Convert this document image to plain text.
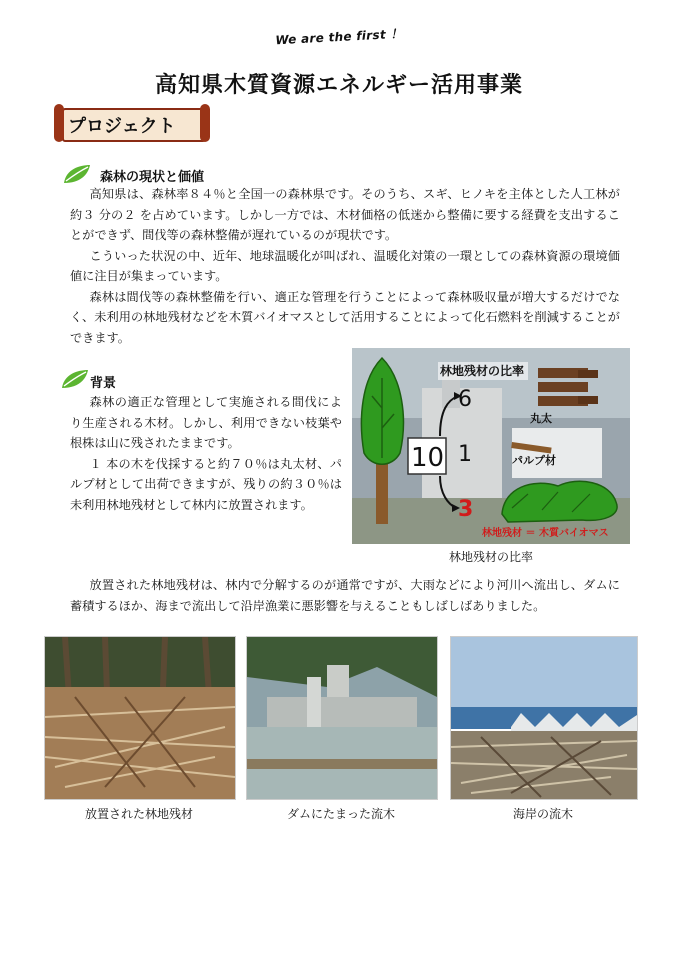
We are the first ！
高知県木質資源エネルギー活用事業
プロジェクト
森林の現状と価値

高知県は、森林率８４％と全国一の森林県です。そのうち、スギ、ヒノキを主体とした人工林が約３ 分の２ を占めています。しかし一方では、木材価格の低迷から整備に要する経費を支出することができず、間伐等の森林整備が遅れているのが現状です。

こういった状況の中、近年、地球温暖化が叫ばれ、温暖化対策の一環としての森林資源の環境価値に注目が集まっています。

森林は間伐等の森林整備を行い、適正な管理を行うことによって森林吸収量が増大するだけでなく、未利用の林地残材などを木質バイオマスとして活用することによって化石燃料を削減することができます。

背景

森林の適正な管理として実施される間伐により生産される木材。しかし、利用できない枝葉や根株は山に残されたままです。

１ 本の木を伐採すると約７０％は丸太材、パルプ材として出荷できますが、残りの約３０％は未利用林地残材として林内に放置されます。

林地残材の比率
10
6
1
3
丸太
パルプ材
林地残材 ＝ 木質バイオマス
林地残材の比率

放置された林地残材は、林内で分解するのが通常ですが、大雨などにより河川へ流出し、ダムに蓄積するほか、海まで流出して沿岸漁業に悪影響を与えることもしばしばありました。

放置された林地残材	ダムにたまった流木	海岸の流木
